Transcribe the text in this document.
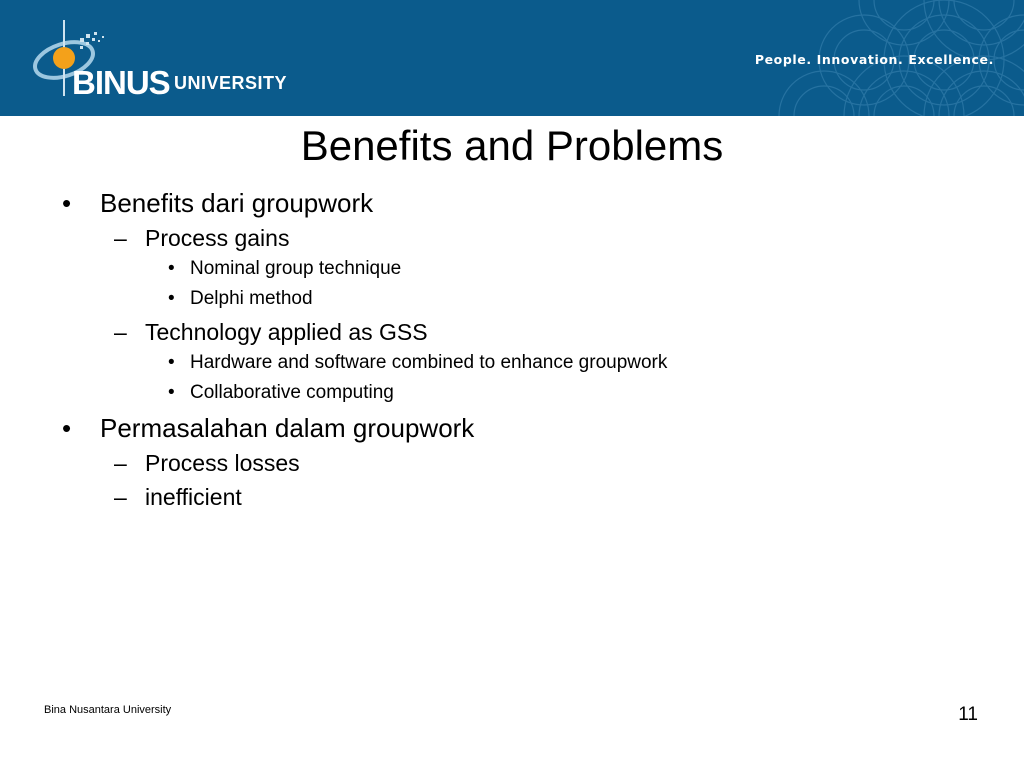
BINUS UNIVERSITY
People. Innovation. Excellence.
Benefits and Problems
• Benefits dari groupwork
– Process gains
• Nominal group technique
• Delphi method
– Technology applied as GSS
• Hardware and software combined to enhance groupwork
• Collaborative computing
• Permasalahan dalam groupwork
– Process losses
– inefficient
Bina Nusantara University	11
